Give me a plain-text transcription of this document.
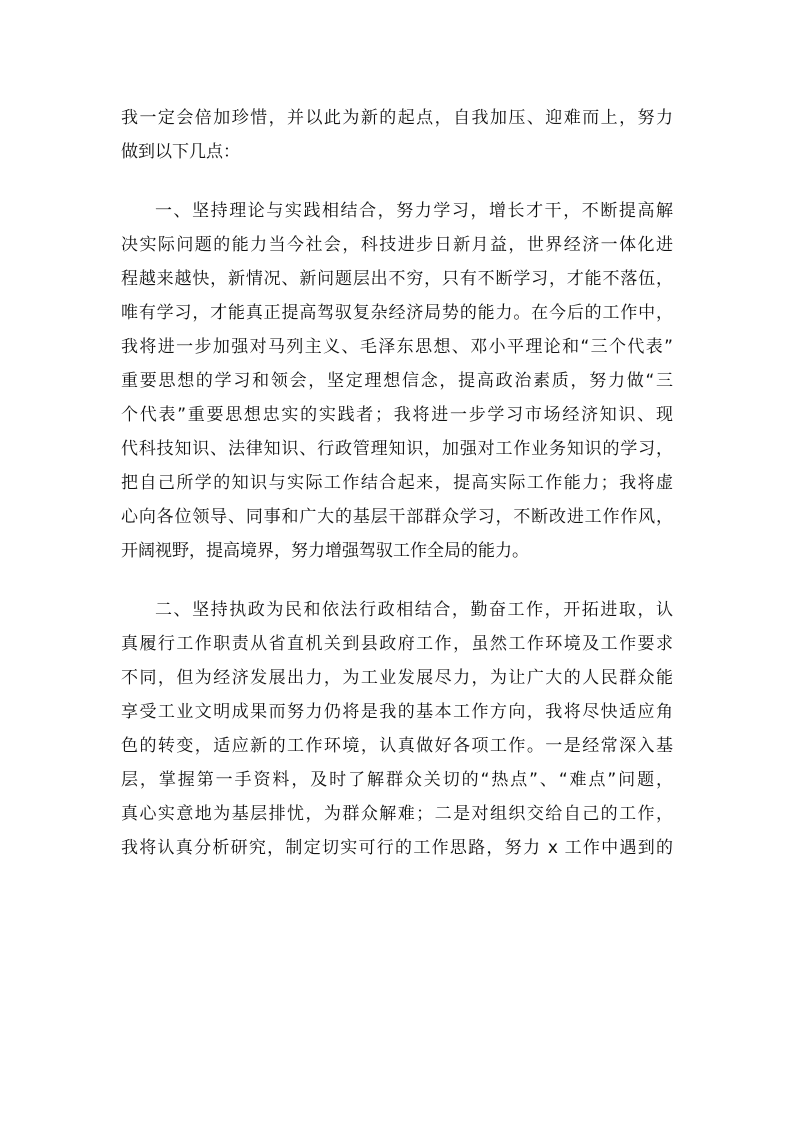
我一定会倍加珍惜，并以此为新的起点，自我加压、迎难而上，努力
做到以下几点：
一、坚持理论与实践相结合，努力学习，增长才干，不断提高解
决实际问题的能力当今社会，科技进步日新月益，世界经济一体化进
程越来越快，新情况、新问题层出不穷，只有不断学习，才能不落伍，
唯有学习，才能真正提高驾驭复杂经济局势的能力。在今后的工作中，
我将进一步加强对马列主义、毛泽东思想、邓小平理论和“三个代表”
重要思想的学习和领会，坚定理想信念，提高政治素质，努力做“三
个代表”重要思想忠实的实践者；我将进一步学习市场经济知识、现
代科技知识、法律知识、行政管理知识，加强对工作业务知识的学习，
把自己所学的知识与实际工作结合起来，提高实际工作能力；我将虚
心向各位领导、同事和广大的基层干部群众学习，不断改进工作作风，
开阔视野，提高境界，努力增强驾驭工作全局的能力。
二、坚持执政为民和依法行政相结合，勤奋工作，开拓进取，认
真履行工作职责从省直机关到县政府工作，虽然工作环境及工作要求
不同，但为经济发展出力，为工业发展尽力，为让广大的人民群众能
享受工业文明成果而努力仍将是我的基本工作方向，我将尽快适应角
色的转变，适应新的工作环境，认真做好各项工作。一是经常深入基
层，掌握第一手资料，及时了解群众关切的“热点”、“难点”问题，
真心实意地为基层排忧，为群众解难；二是对组织交给自己的工作，
我将认真分析研究，制定切实可行的工作思路，努力 x 工作中遇到的
